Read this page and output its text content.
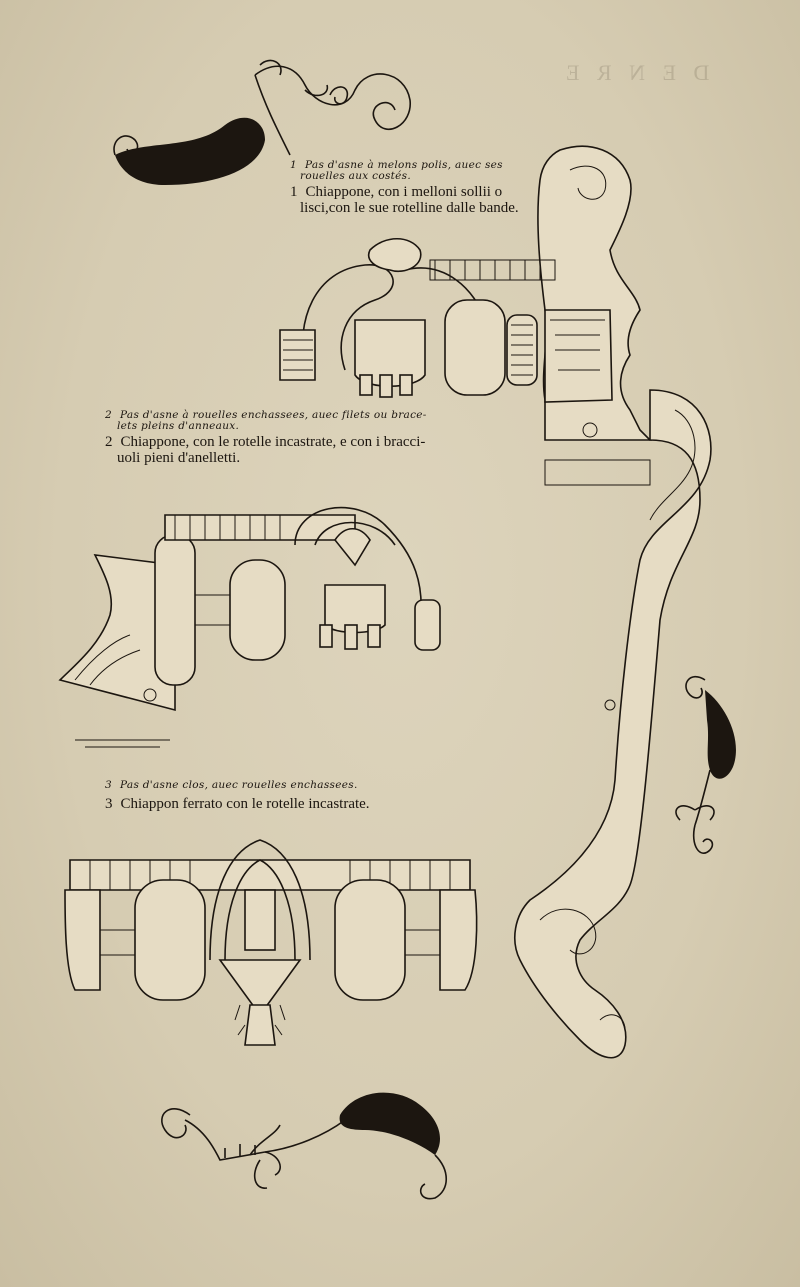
D E N R E
1 Pas d'asne à melons polis, auec ses
rouelles aux costés.
1 Chiappone, con i melloni sollii o
lisci,con le sue rotelline dalle bande.
2 Pas d'asne à rouelles enchassees, auec filets ou brace-
lets pleins d'anneaux.
2 Chiappone, con le rotelle incastrate, e con i bracci-
uoli pieni d'anelletti.
3 Pas d'asne clos, auec rouelles enchassees.
3 Chiappon ferrato con le rotelle incastrate.
